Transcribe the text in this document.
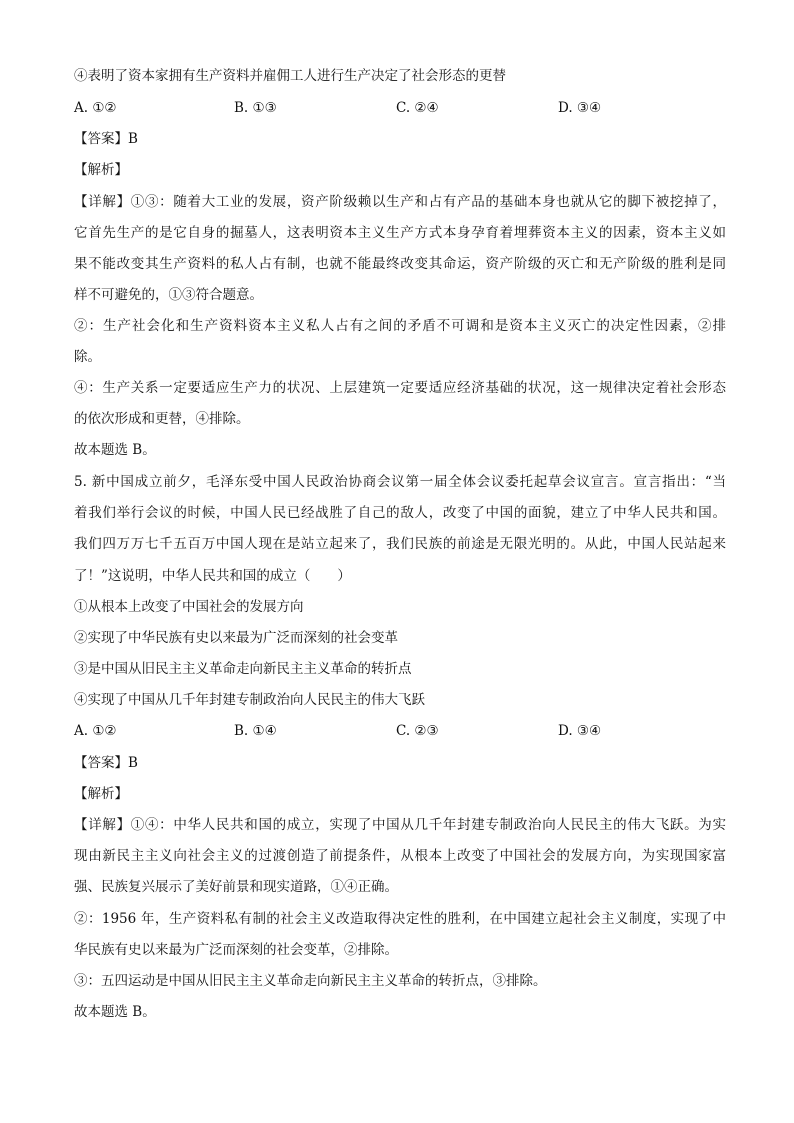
④表明了资本家拥有生产资料并雇佣工人进行生产决定了社会形态的更替
A. ①②	B. ①③	C. ②④	D. ③④
【答案】B
【解析】
【详解】①③：随着大工业的发展，资产阶级赖以生产和占有产品的基础本身也就从它的脚下被挖掉了，
它首先生产的是它自身的掘墓人，这表明资本主义生产方式本身孕育着埋葬资本主义的因素，资本主义如
果不能改变其生产资料的私人占有制，也就不能最终改变其命运，资产阶级的灭亡和无产阶级的胜利是同
样不可避免的，①③符合题意。
②：生产社会化和生产资料资本主义私人占有之间的矛盾不可调和是资本主义灭亡的决定性因素，②排
除。
④：生产关系一定要适应生产力的状况、上层建筑一定要适应经济基础的状况，这一规律决定着社会形态
的依次形成和更替，④排除。
故本题选 B。
5. 新中国成立前夕，毛泽东受中国人民政治协商会议第一届全体会议委托起草会议宣言。宣言指出：“当
着我们举行会议的时候，中国人民已经战胜了自己的敌人，改变了中国的面貌，建立了中华人民共和国。
我们四万万七千五百万中国人现在是站立起来了，我们民族的前途是无限光明的。从此，中国人民站起来
了！”这说明，中华人民共和国的成立（　　）
①从根本上改变了中国社会的发展方向
②实现了中华民族有史以来最为广泛而深刻的社会变革
③是中国从旧民主主义革命走向新民主主义革命的转折点
④实现了中国从几千年封建专制政治向人民民主的伟大飞跃
A. ①②	B. ①④	C. ②③	D. ③④
【答案】B
【解析】
【详解】①④：中华人民共和国的成立，实现了中国从几千年封建专制政治向人民民主的伟大飞跃。为实
现由新民主主义向社会主义的过渡创造了前提条件，从根本上改变了中国社会的发展方向，为实现国家富
强、民族复兴展示了美好前景和现实道路，①④正确。
②：1956 年，生产资料私有制的社会主义改造取得决定性的胜利，在中国建立起社会主义制度，实现了中
华民族有史以来最为广泛而深刻的社会变革，②排除。
③：五四运动是中国从旧民主主义革命走向新民主主义革命的转折点，③排除。
故本题选 B。
